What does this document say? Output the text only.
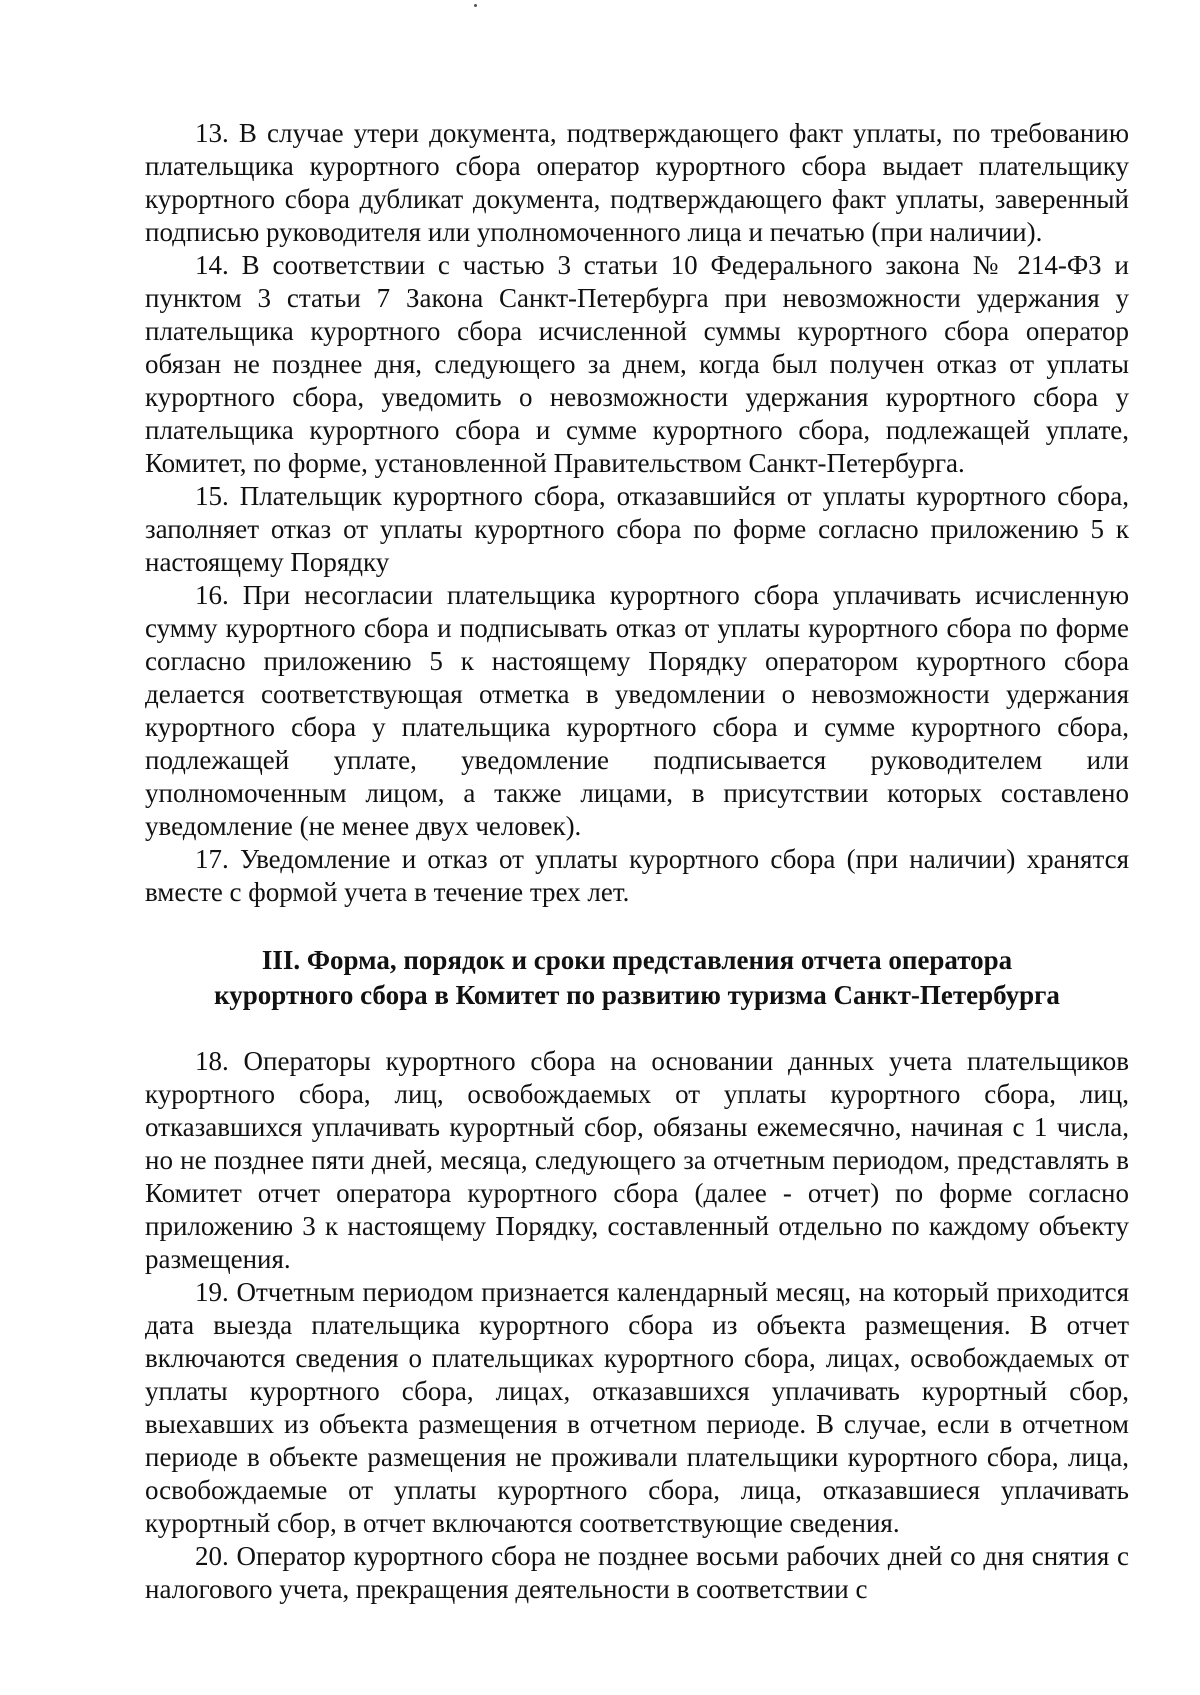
13. В случае утери документа, подтверждающего факт уплаты, по требованию плательщика курортного сбора оператор курортного сбора выдает плательщику курортного сбора дубликат документа, подтверждающего факт уплаты, заверенный подписью руководителя или уполномоченного лица и печатью (при наличии).

14. В соответствии с частью 3 статьи 10 Федерального закона № 214-ФЗ и пунктом 3 статьи 7 Закона Санкт-Петербурга при невозможности удержания у плательщика курортного сбора исчисленной суммы курортного сбора оператор обязан не позднее дня, следующего за днем, когда был получен отказ от уплаты курортного сбора, уведомить о невозможности удержания курортного сбора у плательщика курортного сбора и сумме курортного сбора, подлежащей уплате, Комитет, по форме, установленной Правительством Санкт-Петербурга.

15. Плательщик курортного сбора, отказавшийся от уплаты курортного сбора, заполняет отказ от уплаты курортного сбора по форме согласно приложению 5 к настоящему Порядку

16. При несогласии плательщика курортного сбора уплачивать исчисленную сумму курортного сбора и подписывать отказ от уплаты курортного сбора по форме согласно приложению 5 к настоящему Порядку оператором курортного сбора делается соответствующая отметка в уведомлении о невозможности удержания курортного сбора у плательщика курортного сбора и сумме курортного сбора, подлежащей уплате, уведомление подписывается руководителем или уполномоченным лицом, а также лицами, в присутствии которых составлено уведомление (не менее двух человек).

17. Уведомление и отказ от уплаты курортного сбора (при наличии) хранятся вместе с формой учета в течение трех лет.

III. Форма, порядок и сроки представления отчета оператора
курортного сбора в Комитет по развитию туризма Санкт-Петербурга

18. Операторы курортного сбора на основании данных учета плательщиков курортного сбора, лиц, освобождаемых от уплаты курортного сбора, лиц, отказавшихся уплачивать курортный сбор, обязаны ежемесячно, начиная с 1 числа, но не позднее пяти дней, месяца, следующего за отчетным периодом, представлять в Комитет отчет оператора курортного сбора (далее - отчет) по форме согласно приложению 3 к настоящему Порядку, составленный отдельно по каждому объекту размещения.

19. Отчетным периодом признается календарный месяц, на который приходится дата выезда плательщика курортного сбора из объекта размещения. В отчет включаются сведения о плательщиках курортного сбора, лицах, освобождаемых от уплаты курортного сбора, лицах, отказавшихся уплачивать курортный сбор, выехавших из объекта размещения в отчетном периоде. В случае, если в отчетном периоде в объекте размещения не проживали плательщики курортного сбора, лица, освобождаемые от уплаты курортного сбора, лица, отказавшиеся уплачивать курортный сбор, в отчет включаются соответствующие сведения.

20. Оператор курортного сбора не позднее восьми рабочих дней со дня снятия с налогового учета, прекращения деятельности в соответствии с
